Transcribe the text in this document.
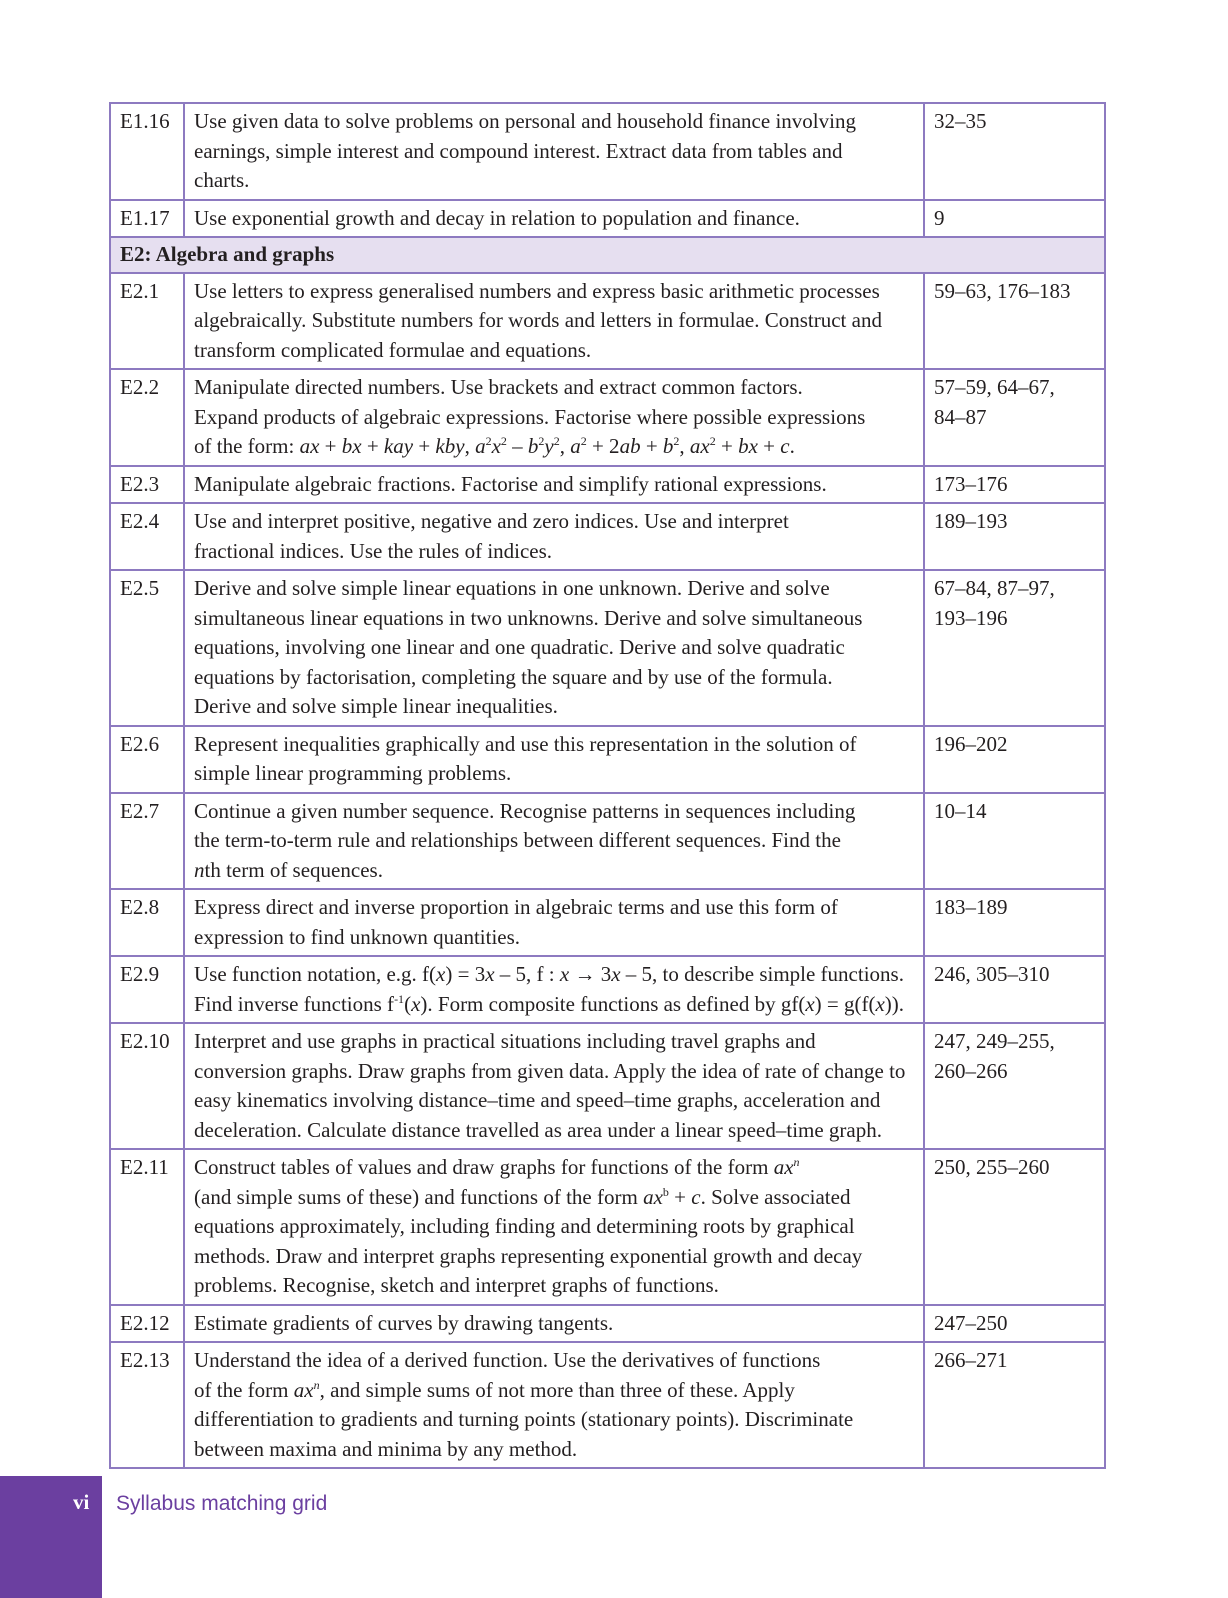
E1.16	Use given data to solve problems on personal and household finance involving
earnings, simple interest and compound interest. Extract data from tables and
charts.	32–35

E1.17	Use exponential growth and decay in relation to population and finance.	9

E2: Algebra and graphs		
E2.1	Use letters to express generalised numbers and express basic arithmetic processes
algebraically. Substitute numbers for words and letters in formulae. Construct and
transform complicated formulae and equations.	59–63, 176–183

E2.2	Manipulate directed numbers. Use brackets and extract common factors.
Expand products of algebraic expressions. Factorise where possible expressions
of the form: ax + bx + kay + kby, $a^2x^2 - b^2y^2$, $a^2 + 2ab + b^2$, $ax^2$ + bx + c.	57–59, 64–67,
84–87

E2.3	Manipulate algebraic fractions. Factorise and simplify rational expressions.	173–176

E2.4	Use and interpret positive, negative and zero indices. Use and interpret
fractional indices. Use the rules of indices.	189–193

E2.5	Derive and solve simple linear equations in one unknown. Derive and solve
simultaneous linear equations in two unknowns. Derive and solve simultaneous
equations, involving one linear and one quadratic. Derive and solve quadratic
equations by factorisation, completing the square and by use of the formula.
Derive and solve simple linear inequalities.	67–84, 87–97,
193–196

E2.6	Represent inequalities graphically and use this representation in the solution of
simple linear programming problems.	196–202

E2.7	Continue a given number sequence. Recognise patterns in sequences including
the term-to-term rule and relationships between different sequences. Find the
nth term of sequences.	10–14

E2.8	Express direct and inverse proportion in algebraic terms and use this form of
expression to find unknown quantities.	183–189

E2.9	Use function notation, e.g. f(x) = 3x – 5, f : x → 3x – 5, to describe simple functions.
Find inverse functions $f^{-1}(x)$. Form composite functions as defined by gf(x) = g(f(x)).	246, 305–310

E2.10	Interpret and use graphs in practical situations including travel graphs and
conversion graphs. Draw graphs from given data. Apply the idea of rate of change to
easy kinematics involving distance–time and speed–time graphs, acceleration and
deceleration. Calculate distance travelled as area under a linear speed–time graph.	247, 249–255,
260–266

E2.11	Construct tables of values and draw graphs for functions of the form $ax^n$
(and simple sums of these) and functions of the form $ax^b + c$. Solve associated
equations approximately, including finding and determining roots by graphical
methods. Draw and interpret graphs representing exponential growth and decay
problems. Recognise, sketch and interpret graphs of functions.	250, 255–260

E2.12	Estimate gradients of curves by drawing tangents.	247–250

E2.13	Understand the idea of a derived function. Use the derivatives of functions
of the form $ax^n$, and simple sums of not more than three of these. Apply
differentiation to gradients and turning points (stationary points). Discriminate
between maxima and minima by any method.	266–271
vi Syllabus matching grid
